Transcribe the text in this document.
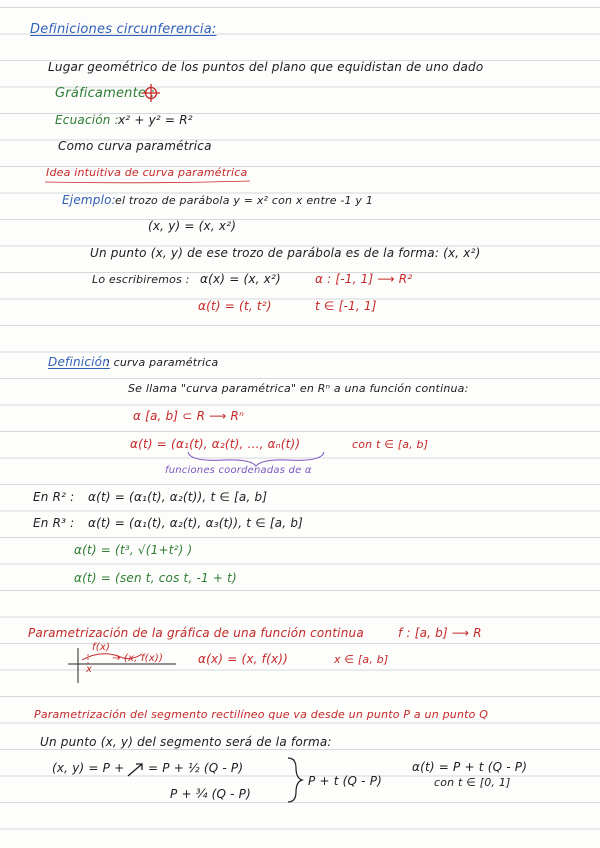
Definiciones circunferencia:
Lugar geométrico de los puntos del plano que equidistan de uno dado
Gráficamente :
Ecuación : x² + y² = R²
Como curva paramétrica
Idea intuitiva de curva paramétrica
Ejemplo: el trozo de parábola y = x² con x entre -1 y 1
(x, y) = (x, x²)
Un punto (x, y) de ese trozo de parábola es de la forma: (x, x²)
Lo escribiremos : α(x) = (x, x²)	α : [-1, 1] ⟶ R²
α(t) = (t, t²)	t ∈ [-1, 1]
Definición
: curva paramétrica
Se llama "curva paramétrica" en Rⁿ a una función continua:
α [a, b] ⊂ R ⟶ Rⁿ
α(t) = (α₁(t), α₂(t), ..., αₙ(t))	con t ∈ [a, b]
funciones coordenadas de α
En R² : α(t) = (α₁(t), α₂(t)), t ∈ [a, b]
En R³ : α(t) = (α₁(t), α₂(t), α₃(t)), t ∈ [a, b]
α(t) = (t³, √(1+t²) )
α(t) = (sen t, cos t, -1 + t)
Parametrización de la gráfica de una función continua	f : [a, b] ⟶ R
f(x)
x
→ (x, f(x))	α(x) = (x, f(x))	x ∈ [a, b]
Parametrización del segmento rectilíneo que va desde un punto P a un punto Q
Un punto (x, y) del segmento será de la forma:
(x, y) = P + = P + ½ (Q - P)
P + ¾ (Q - P)
P + t (Q - P)
α(t) = P + t (Q - P)
con t ∈ [0, 1]
